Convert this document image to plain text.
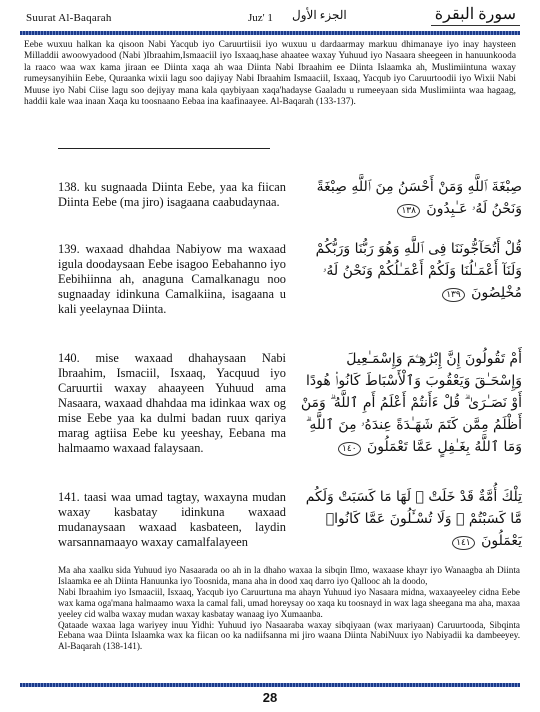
Suurat Al-Baqarah	Juz' 1 الجزء الأول	سورة البقرة
Eebe wuxuu halkan ka qisoon Nabi Yacqub iyo Caruurtiisii iyo wuxuu u dardaarmay markuu dhimanaye iyo inay haysteen Milladdii awoowyadood (Nabi )Ibraahim,Ismaaciil iyo Isxaaq,hase ahaatee waxay Yuhuud iyo Nasaara sheegeen in hanuunkooda la raaco waa wax kama jiraan ee Diinta xaqa ah waa Diinta Nabi Ibraahim ee Diinta Islaamka ah, Muslimiintuna waxay rumeysanyihiin Eebe, Quraanka wixii lagu soo dajiyay Nabi Ibraahim Ismaaciil, Isxaaq, Yacqub iyo Caruurtoodii iyo Wixii Nabi Muuse iyo Nabi Ciise lagu soo dejiyay mana kala qaybiyaan xaqa'hadayse Gaaladu u rumeeyaan sida Muslimiinta waa hagaag, haddii kale waa inaan Xaqa ku toosnaano Eebaa ina kaafinaayee. Al-Baqarah (133-137).
138. ku sugnaada Diinta Eebe, yaa ka fiican Diinta Eebe (ma jiro) isagaana caabudaynaa.
صِبْغَةَ ٱللَّهِ وَمَنْ أَحْسَنُ مِنَ ٱللَّهِ صِبْغَةً وَنَحْنُ لَهُۥ عَـٰبِدُونَ ١٣٨
139. waxaad dhahdaa Nabiyow ma waxaad igula doodaysaan Eebe isagoo Eebahanno iyo Eebihiinna ah, anaguna Camalkanagu noo sugnaaday idinkuna Camalkiina, isagaana u kali yeelaynaa Diinta.
قُلْ أَتُحَآجُّونَنَا فِى ٱللَّهِ وَهُوَ رَبُّنَا وَرَبُّكُمْ وَلَنَآ أَعْمَـٰلُنَا وَلَكُمْ أَعْمَـٰلُكُمْ وَنَحْنُ لَهُۥ مُخْلِصُونَ ١٣٩
140. mise waxaad dhahaysaan Nabi Ibraahim, Ismaciil, Isxaaq, Yacquud iyo Caruurtii waxay ahaayeen Yuhuud ama Nasaara, waxaad dhahdaa ma idinkaa wax og mise Eebe yaa ka dulmi badan ruux qariya marag agtiisa Eebe ku yeeshay, Eebana ma halmaamo waxaad falaysaan.
أَمْ تَقُولُونَ إِنَّ إِبْرَٰهِـۧمَ وَإِسْمَـٰعِيلَ وَإِسْحَـٰقَ وَيَعْقُوبَ وَٱلْأَسْبَاطَ كَانُوا۟ هُودًا أَوْ نَصَـٰرَىٰ ۗ قُلْ ءَأَنتُمْ أَعْلَمُ أَمِ ٱللَّهُ ۗ وَمَنْ أَظْلَمُ مِمَّن كَتَمَ شَهَـٰدَةً عِندَهُۥ مِنَ ٱللَّهِ ۗ وَمَا ٱللَّهُ بِغَـٰفِلٍ عَمَّا تَعْمَلُونَ ١٤٠
141. taasi waa umad tagtay, waxayna mudan waxay kasbatay idinkuna waxaad mudanaysaan waxaad kasbateen, laydin warsannamaayo waxay camalfalayeen
تِلْكَ أُمَّةٌ قَدْ خَلَتْ ۖ لَهَا مَا كَسَبَتْ وَلَكُم مَّا كَسَبْتُمْ ۖ وَلَا تُسْـَٔلُونَ عَمَّا كَانُوا۟ يَعْمَلُونَ ١٤١

Ma aha xaalku sida Yuhuud iyo Nasaarada oo ah in la dhaho waxaa la sibqin Ilmo, waxaase khayr iyo Wanaagba ah Diinta Islaamka ee ah Diinta Hanuunka iyo Toosnida, mana aha in dood xaq darro iyo Qallooc ah la doodo,

Nabi Ibraahim iyo Ismaaciil, Isxaaq, Yacqub iyo Caruurtuna ma ahayn Yuhuud iyo Nasaara midna, waxaayeeley cidna Eebe wax kama oga'mana halmaamo waxa la camal fali, umad horeysay oo xaqa ku toosnayd in wax laga sheegana ma aha, maxaa yeeley cid walba waxay mudan waxay kasbatay wanaag iyo Xumaanba.

Qataade waxaa laga wariyey inuu Yidhi: Yuhuud iyo Nasaaraba waxay sibqiyaan (wax mariyaan) Caruurtooda, Sibqinta Eebana waa Diinta Islaamka wax ka fiican oo ka nadiifsanna mi jiro waana Diinta NabiNuux iyo Nabiyadii ka dambeeyey. Al-Baqarah (138-141).

28
